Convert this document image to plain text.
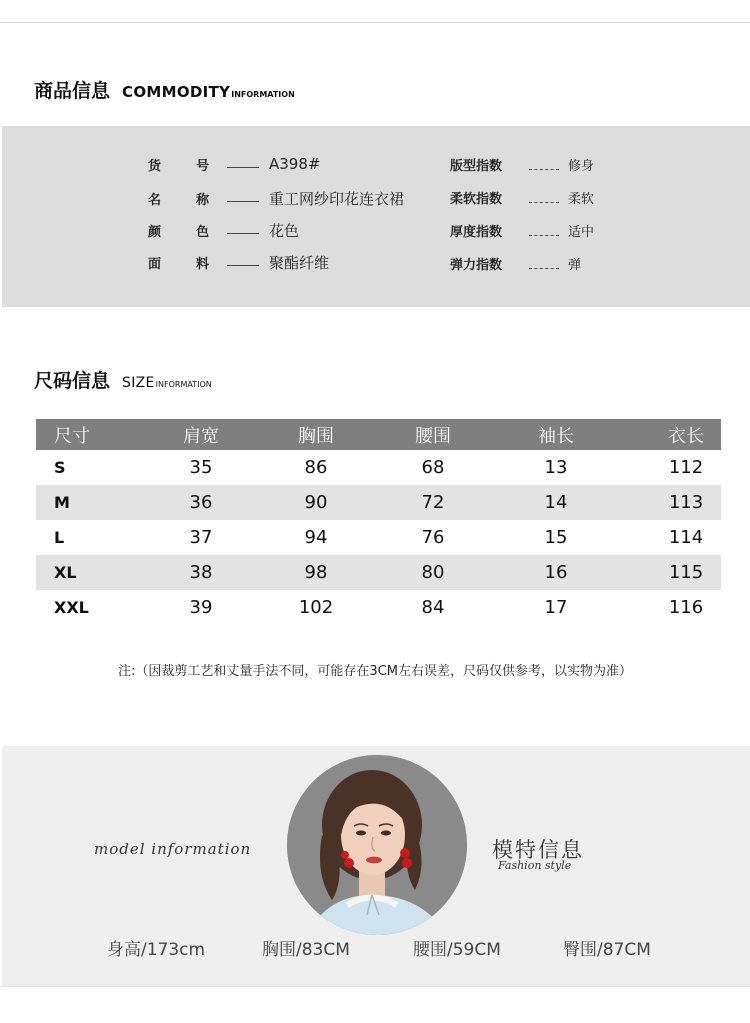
商品信息 COMMODITY INFORMATION
货	号	A398#
名	称	重工网纱印花连衣裙
颜	色	花色
面	料	聚酯纤维
版型指数	修身
柔软指数	柔软
厚度指数	适中
弹力指数	弹
尺码信息 SIZE INFORMATION
尺寸	肩宽	胸围	腰围	袖长	衣长
S	35	86	68	13	112
M	36	90	72	14	113
L	37	94	76	15	114
XL	38	98	80	16	115
XXL	39	102	84	17	116
注:（因裁剪工艺和丈量手法不同，可能存在3CM左右误差，尺码仅供参考，以实物为准）
model information	模特信息
Fashion style
身高/173cm	胸围/83CM	腰围/59CM	臀围/87CM
